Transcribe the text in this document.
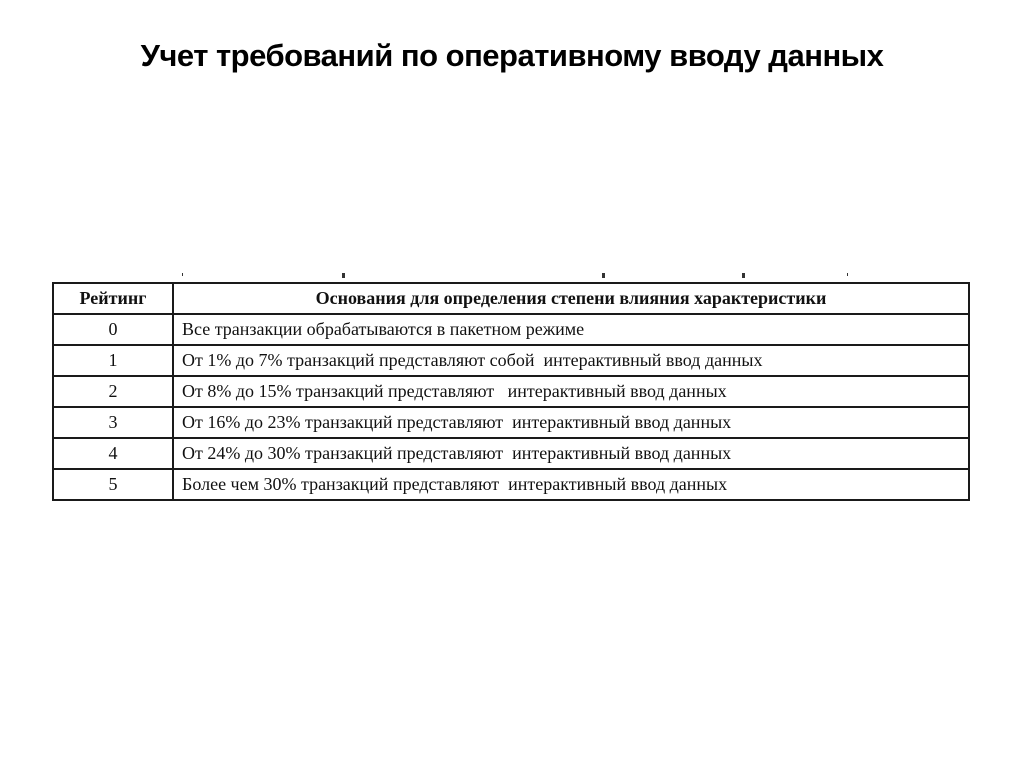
Учет требований по оперативному вводу данных
Рейтинг	Основания для определения степени влияния характеристики
0	Все транзакции обрабатываются в пакетном режиме
1	От 1% до 7% транзакций представляют собой  интерактивный ввод данных
2	От 8% до 15% транзакций представляют   интерактивный ввод данных
3	От 16% до 23% транзакций представляют  интерактивный ввод данных
4	От 24% до 30% транзакций представляют  интерактивный ввод данных
5	Более чем 30% транзакций представляют  интерактивный ввод данных
